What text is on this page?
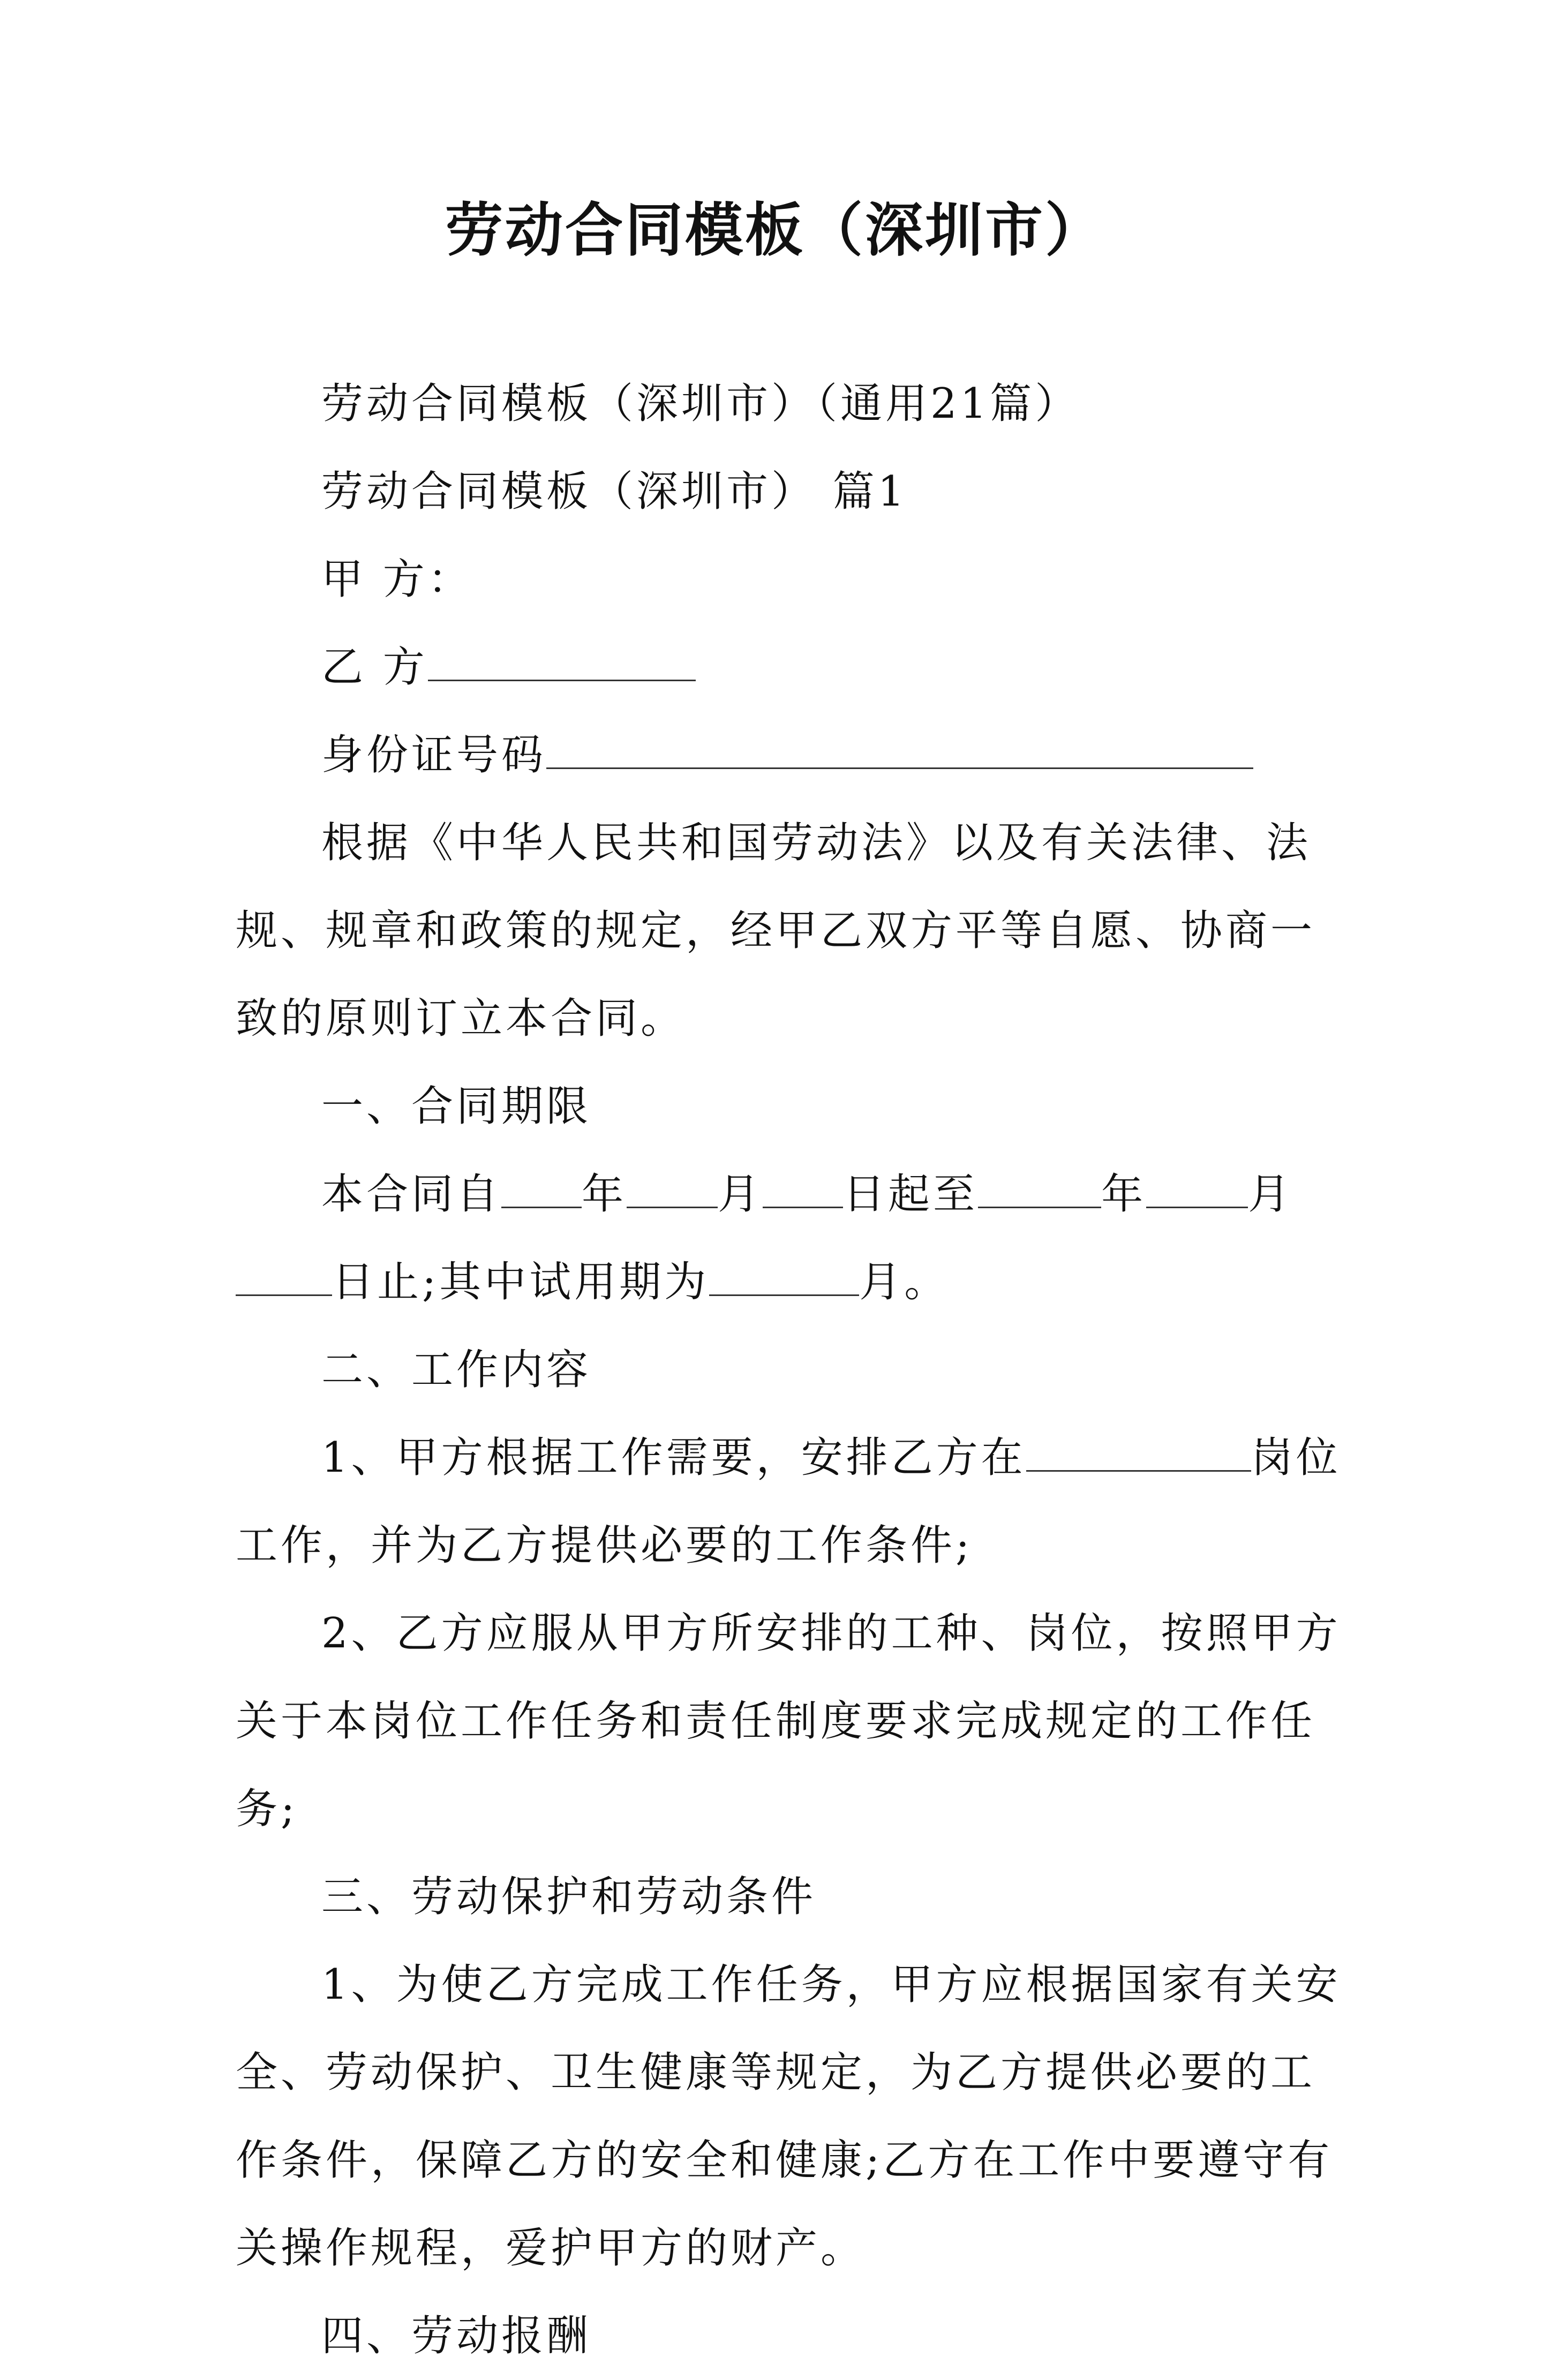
劳动合同模板（深圳市）

劳动合同模板（深圳市）（通用21篇）

劳动合同模板（深圳市） 篇1

甲 方：

乙 方

身份证号码

根据《中华人民共和国劳动法》以及有关法律、法规、规章和政策的规定，经甲乙双方平等自愿、协商一致的原则订立本合同。

一、合同期限

本合同自 年 月 日起至	年 月日止;其中试用期为	月。

二、工作内容

1、甲方根据工作需要，安排乙方在	岗位工作，并为乙方提供必要的工作条件;

2、乙方应服从甲方所安排的工种、岗位，按照甲方关于本岗位工作任务和责任制度要求完成规定的工作任务;

三、劳动保护和劳动条件

1、为使乙方完成工作任务，甲方应根据国家有关安全、劳动保护、卫生健康等规定，为乙方提供必要的工作条件，保障乙方的安全和健康;乙方在工作中要遵守有关操作规程，爱护甲方的财产。

四、劳动报酬
